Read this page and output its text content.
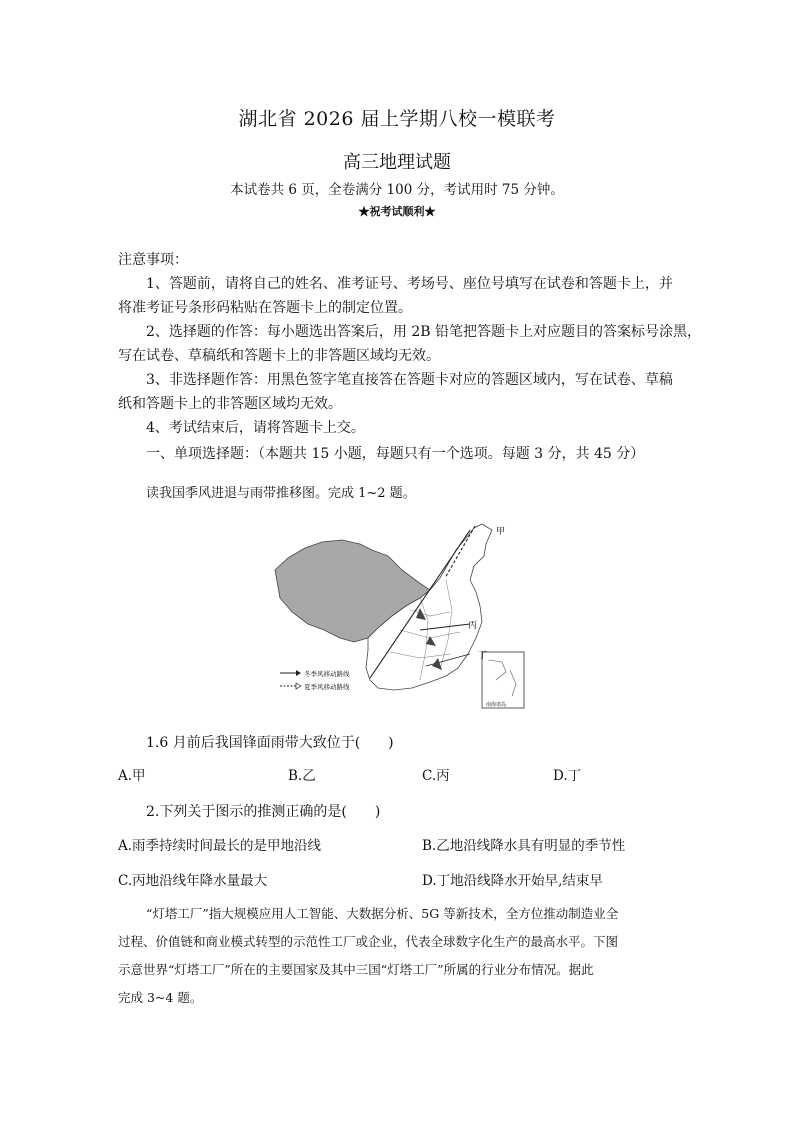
湖北省 2026 届上学期八校一模联考
高三地理试题
本试卷共 6 页，全卷满分 100 分，考试用时 75 分钟。
★祝考试顺利★
注意事项：
1、答题前，请将自己的姓名、准考证号、考场号、座位号填写在试卷和答题卡上，并
将准考证号条形码粘贴在答题卡上的制定位置。
2、选择题的作答：每小题选出答案后，用 2B 铅笔把答题卡上对应题目的答案标号涂黑，
写在试卷、草稿纸和答题卡上的非答题区域均无效。
3、非选择题作答：用黑色签字笔直接答在答题卡对应的答题区域内，写在试卷、草稿
纸和答题卡上的非答题区域均无效。
4、考试结束后，请将答题卡上交。
一、单项选择题：（本题共 15 小题，每题只有一个选项。每题 3 分，共 45 分）
读我国季风进退与雨带推移图。完成 1~2 题。
南海诸岛
甲
丙
丁
冬季风移动路线
夏季风移动路线
1.6 月前后我国锋面雨带大致位于(　　)
A.甲	B.乙	C.丙	D.丁
2.下列关于图示的推测正确的是(　　)
A.雨季持续时间最长的是甲地沿线	B.乙地沿线降水具有明显的季节性
C.丙地沿线年降水量最大	D.丁地沿线降水开始早,结束早
“灯塔工厂”指大规模应用人工智能、大数据分析、5G 等新技术，全方位推动制造业全
过程、价值链和商业模式转型的示范性工厂或企业，代表全球数字化生产的最高水平。下图
示意世界“灯塔工厂”所在的主要国家及其中三国“灯塔工厂”所属的行业分布情况。据此
完成 3~4 题。
